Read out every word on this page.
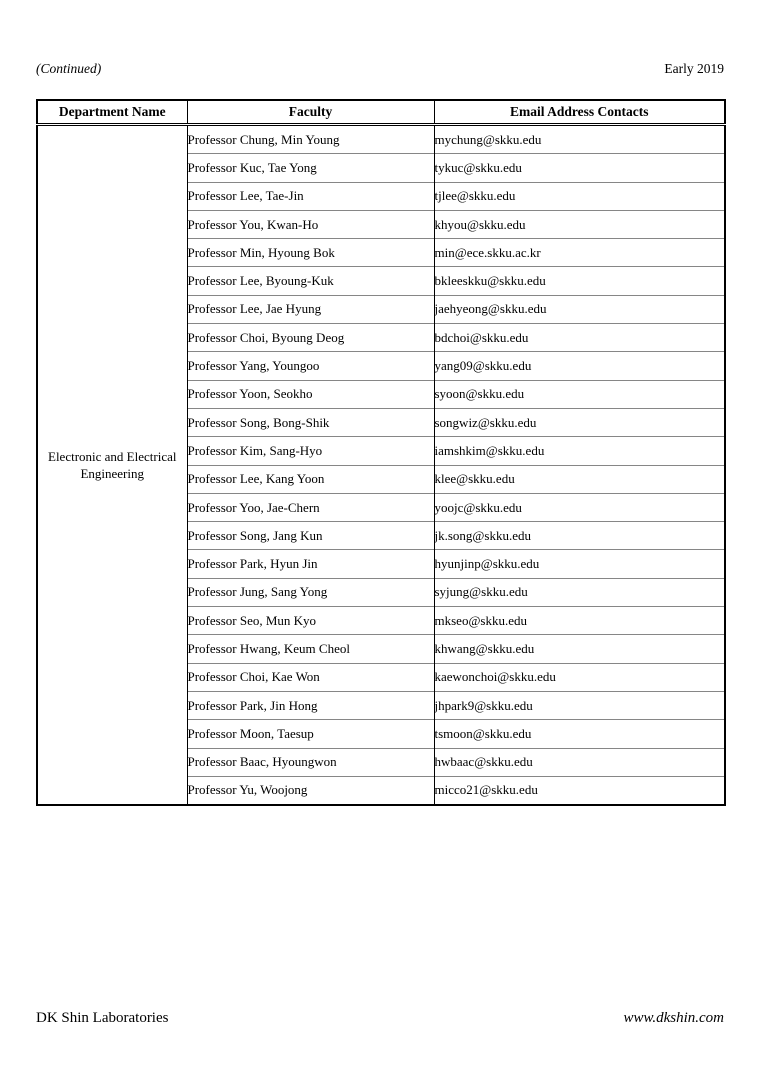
(Continued)	Early 2019
Department Name	Faculty	Email Address Contacts
Electronic and Electrical Engineering	Professor Chung, Min Young	mychung@skku.edu
	Professor Kuc, Tae Yong	tykuc@skku.edu
	Professor Lee, Tae-Jin	tjlee@skku.edu
	Professor You, Kwan-Ho	khyou@skku.edu
	Professor Min, Hyoung Bok	min@ece.skku.ac.kr
	Professor Lee, Byoung-Kuk	bkleeskku@skku.edu
	Professor Lee, Jae Hyung	jaehyeong@skku.edu
	Professor Choi, Byoung Deog	bdchoi@skku.edu
	Professor Yang, Youngoo	yang09@skku.edu
	Professor Yoon, Seokho	syoon@skku.edu
	Professor Song, Bong-Shik	songwiz@skku.edu
	Professor Kim, Sang-Hyo	iamshkim@skku.edu
	Professor Lee, Kang Yoon	klee@skku.edu
	Professor Yoo, Jae-Chern	yoojc@skku.edu
	Professor Song, Jang Kun	jk.song@skku.edu
	Professor Park, Hyun Jin	hyunjinp@skku.edu
	Professor Jung, Sang Yong	syjung@skku.edu
	Professor Seo, Mun Kyo	mkseo@skku.edu
	Professor Hwang, Keum Cheol	khwang@skku.edu
	Professor Choi, Kae Won	kaewonchoi@skku.edu
	Professor Park, Jin Hong	jhpark9@skku.edu
	Professor Moon, Taesup	tsmoon@skku.edu
	Professor Baac, Hyoungwon	hwbaac@skku.edu
	Professor Yu, Woojong	micco21@skku.edu
DK Shin Laboratories	www.dkshin.com
